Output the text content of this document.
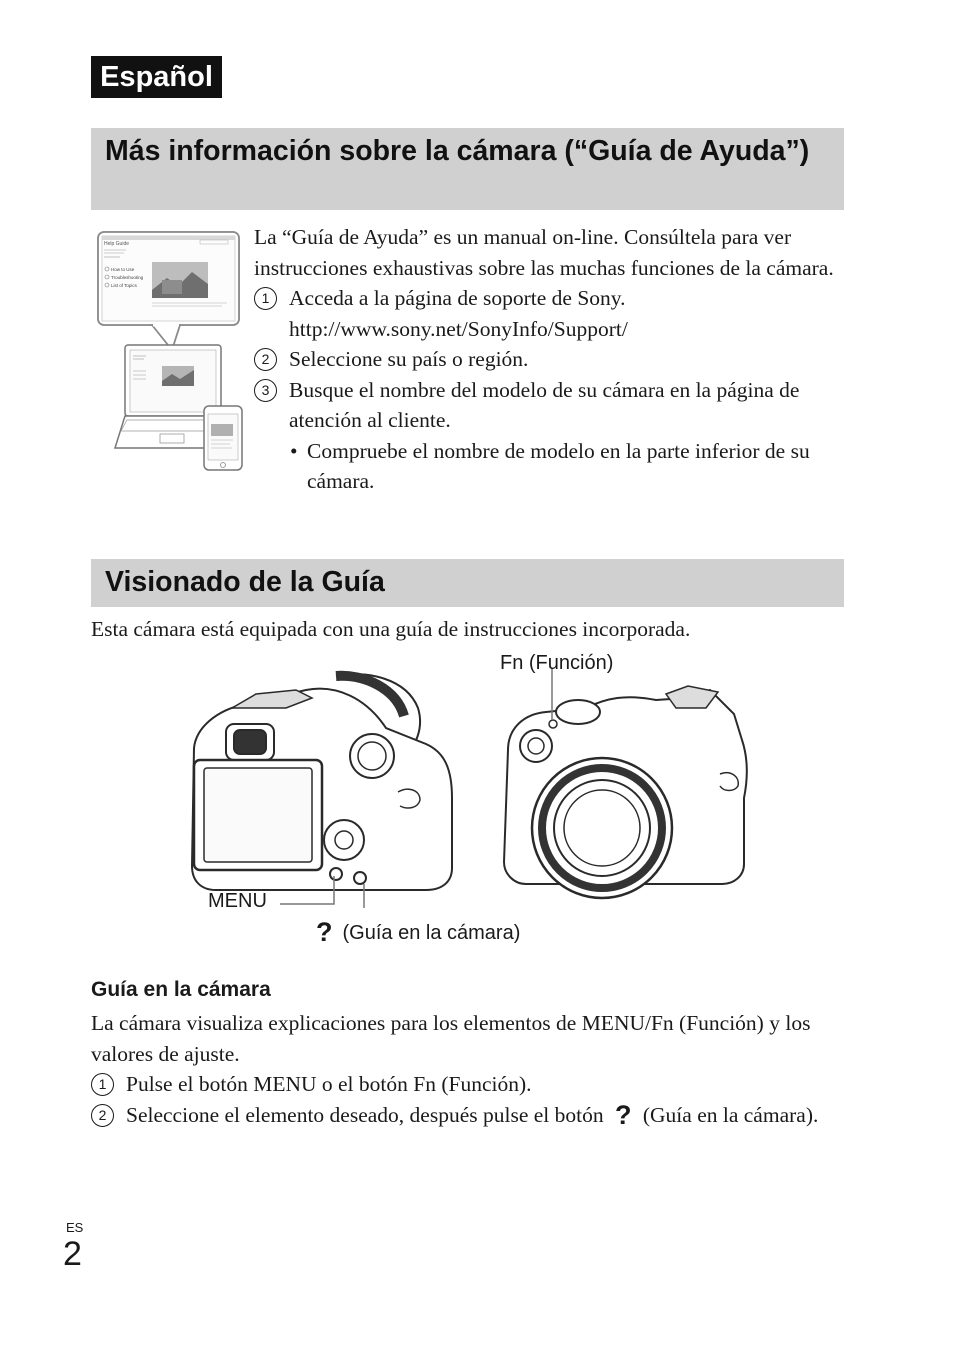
Español
Más información sobre la cámara (“Guía de Ayuda”)
Help Guide
How to Use
Troubleshooting
List of Topics
La “Guía de Ayuda” es un manual on-line. Consúltela para ver instrucciones exhaustivas sobre las muchas funciones de la cámara.
1 Acceda a la página de soporte de Sony.
http://www.sony.net/SonyInfo/Support/
2 Seleccione su país o región.
3 Busque el nombre del modelo de su cámara en la página de atención al cliente.
• Compruebe el nombre de modelo en la parte inferior de su cámara.
Visionado de la Guía
Esta cámara está equipada con una guía de instrucciones incorporada.
Fn (Función)
MENU
? (Guía en la cámara)
Guía en la cámara
La cámara visualiza explicaciones para los elementos de MENU/Fn (Función) y los valores de ajuste.
1 Pulse el botón MENU o el botón Fn (Función).
2 Seleccione el elemento deseado, después pulse el botón ? (Guía en la cámara).
ES
2
